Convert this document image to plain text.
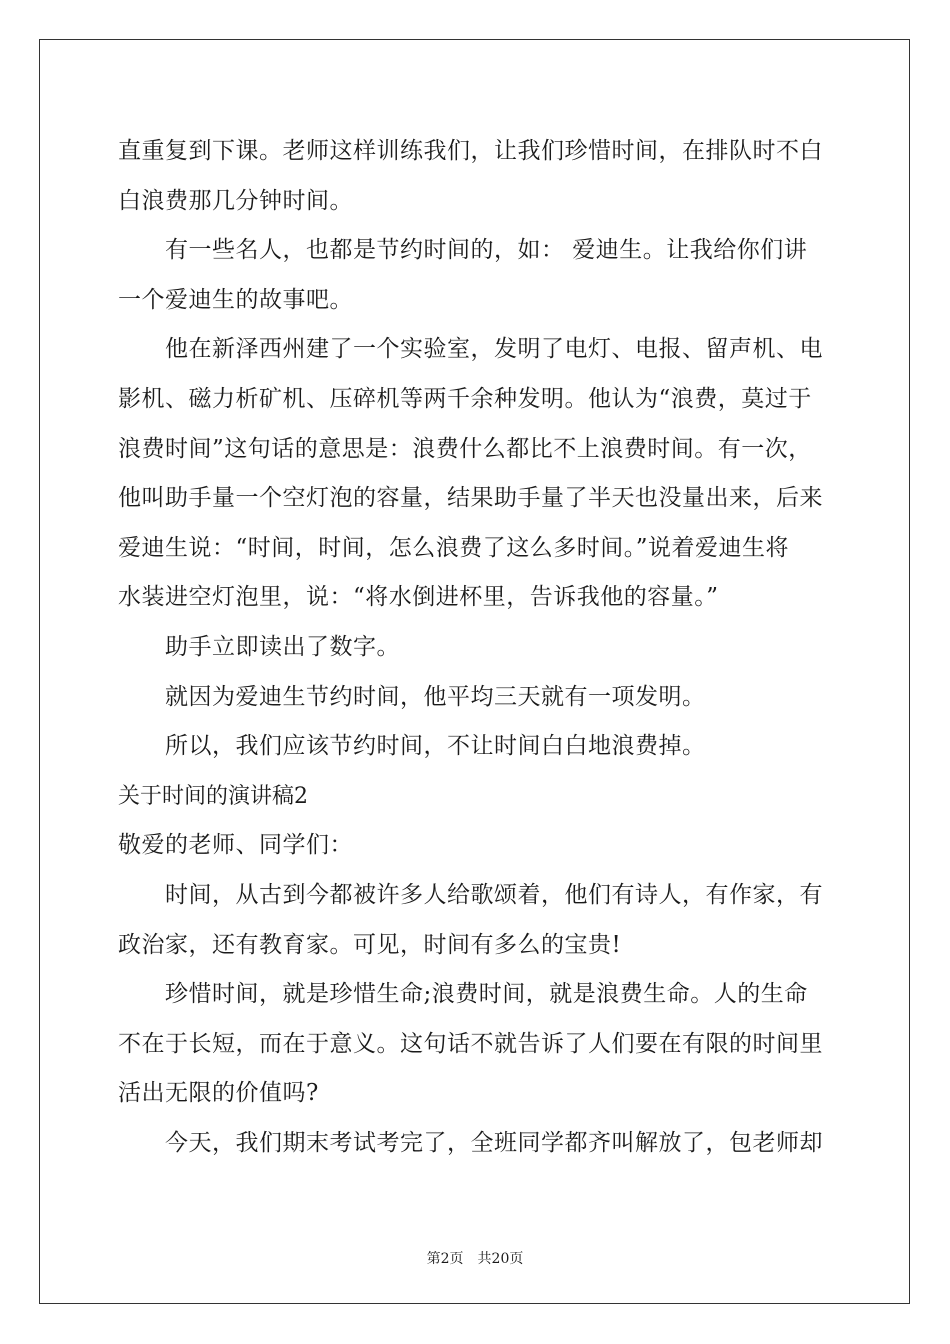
直重复到下课。老师这样训练我们，让我们珍惜时间，在排队时不白
白浪费那几分钟时间。
有一些名人，也都是节约时间的，如： 爱迪生。让我给你们讲
一个爱迪生的故事吧。
他在新泽西州建了一个实验室，发明了电灯、电报、留声机、电
影机、磁力析矿机、压碎机等两千余种发明。他认为“浪费，莫过于
浪费时间”这句话的意思是：浪费什么都比不上浪费时间。有一次，
他叫助手量一个空灯泡的容量，结果助手量了半天也没量出来，后来
爱迪生说：“时间，时间，怎么浪费了这么多时间。”说着爱迪生将
水装进空灯泡里，说：“将水倒进杯里，告诉我他的容量。”
助手立即读出了数字。
就因为爱迪生节约时间，他平均三天就有一项发明。
所以，我们应该节约时间，不让时间白白地浪费掉。
关于时间的演讲稿2
敬爱的老师、同学们：
时间，从古到今都被许多人给歌颂着，他们有诗人，有作家，有
政治家，还有教育家。可见，时间有多么的宝贵!
珍惜时间，就是珍惜生命;浪费时间，就是浪费生命。人的生命
不在于长短，而在于意义。这句话不就告诉了人们要在有限的时间里
活出无限的价值吗?
今天，我们期末考试考完了，全班同学都齐叫解放了，包老师却
第2页 共20页
